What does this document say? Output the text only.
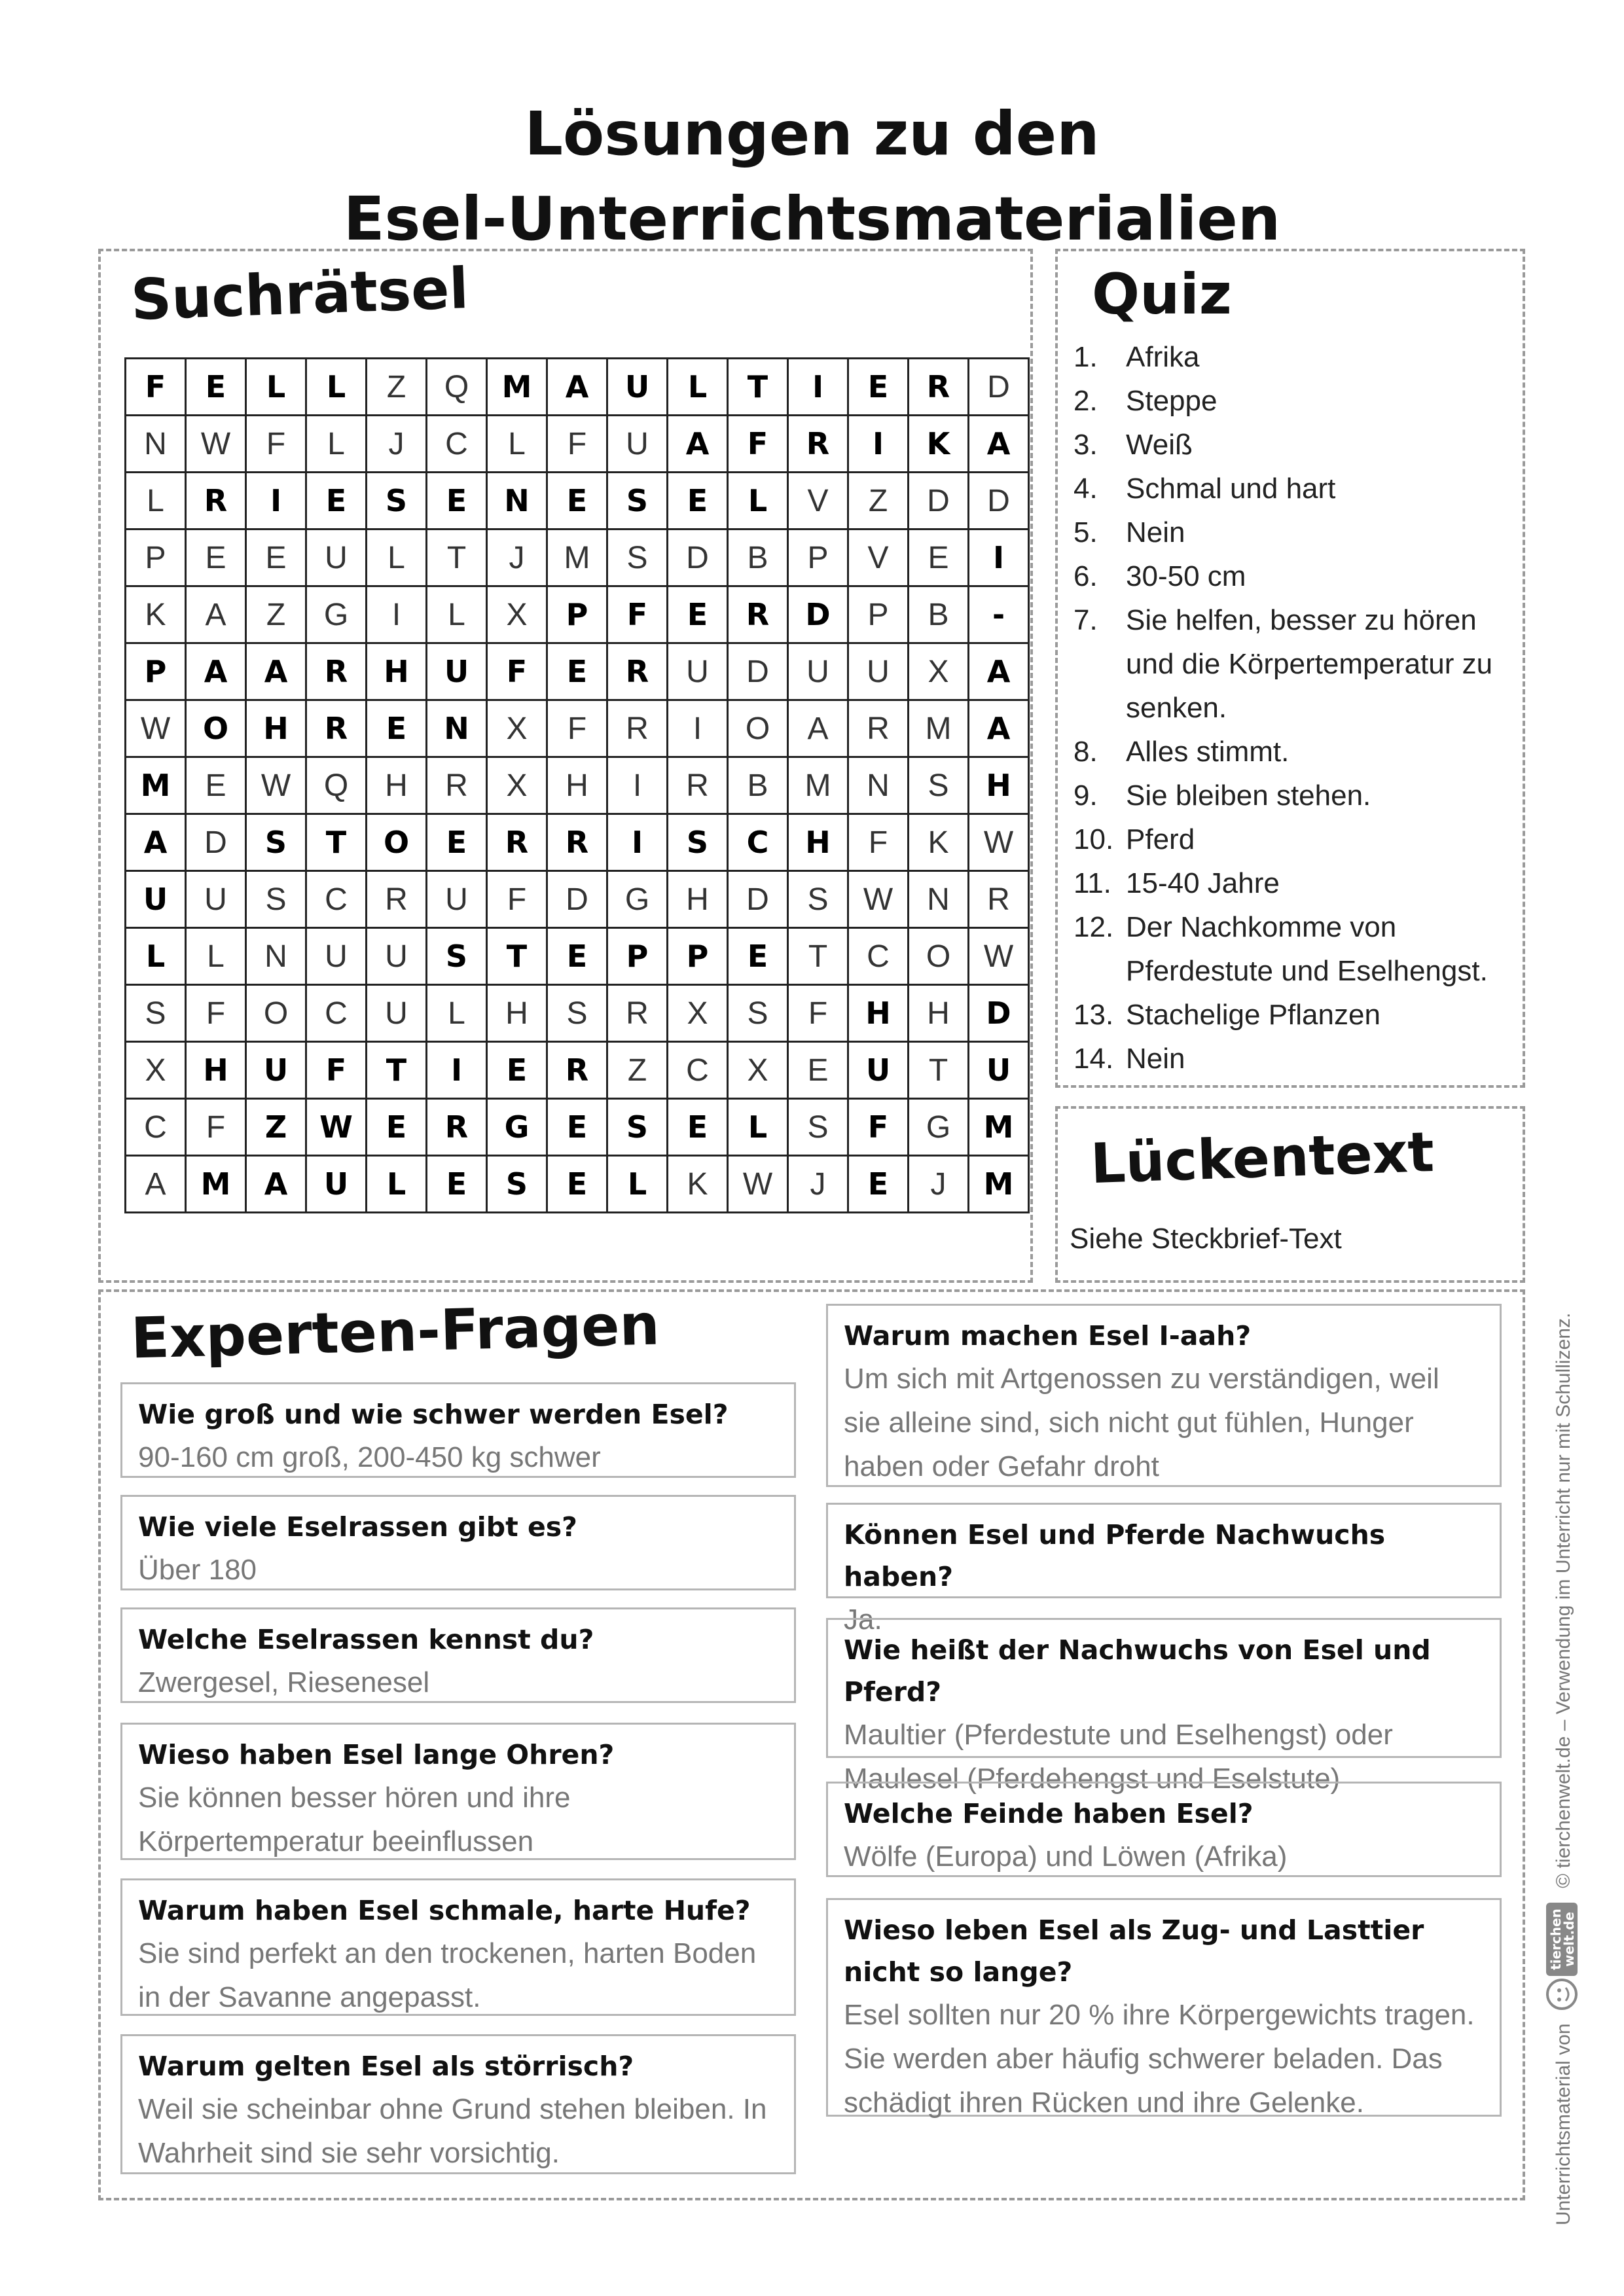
Lösungen zu den
Esel-Unterrichtsmaterialien
Suchrätsel
F	E	L	L	Z	Q	M	A	U	L	T	I	E	R	D
N	W	F	L	J	C	L	F	U	A	F	R	I	K	A
L	R	I	E	S	E	N	E	S	E	L	V	Z	D	D
P	E	E	U	L	T	J	M	S	D	B	P	V	E	I
K	A	Z	G	I	L	X	P	F	E	R	D	P	B	-
P	A	A	R	H	U	F	E	R	U	D	U	U	X	A
W	O	H	R	E	N	X	F	R	I	O	A	R	M	A
M	E	W	Q	H	R	X	H	I	R	B	M	N	S	H
A	D	S	T	O	E	R	R	I	S	C	H	F	K	W
U	U	S	C	R	U	F	D	G	H	D	S	W	N	R
L	L	N	U	U	S	T	E	P	P	E	T	C	O	W
S	F	O	C	U	L	H	S	R	X	S	F	H	H	D
X	H	U	F	T	I	E	R	Z	C	X	E	U	T	U
C	F	Z	W	E	R	G	E	S	E	L	S	F	G	M
A	M	A	U	L	E	S	E	L	K	W	J	E	J	M
Quiz
1. Afrika
2. Steppe
3. Weiß
4. Schmal und hart
5. Nein
6. 30-50 cm
7. Sie helfen, besser zu hören und die Körpertemperatur zu senken.
8. Alles stimmt.
9. Sie bleiben stehen.
10. Pferd
11. 15-40 Jahre
12. Der Nachkomme von Pferdestute und Eselhengst.
13. Stachelige Pflanzen
14. Nein
Lückentext
Siehe Steckbrief-Text
Experten-Fragen
Wie groß und wie schwer werden Esel?
90-160 cm groß, 200-450 kg schwer
Wie viele Eselrassen gibt es?
Über 180
Welche Eselrassen kennst du?
Zwergesel, Riesenesel
Wieso haben Esel lange Ohren?
Sie können besser hören und ihre Körpertemperatur beeinflussen
Warum haben Esel schmale, harte Hufe?
Sie sind perfekt an den trockenen, harten Boden in der Savanne angepasst.
Warum gelten Esel als störrisch?
Weil sie scheinbar ohne Grund stehen bleiben. In Wahrheit sind sie sehr vorsichtig.
Warum machen Esel I-aah?
Um sich mit Artgenossen zu verständigen, weil sie alleine sind, sich nicht gut fühlen, Hunger haben oder Gefahr droht
Können Esel und Pferde Nachwuchs haben?
Ja.
Wie heißt der Nachwuchs von Esel und Pferd?
Maultier (Pferdestute und Eselhengst) oder Maulesel (Pferdehengst und Eselstute)
Welche Feinde haben Esel?
Wölfe (Europa) und Löwen (Afrika)
Wieso leben Esel als Zug- und Lasttier nicht so lange?
Esel sollten nur 20 % ihre Körpergewichts tragen. Sie werden aber häufig schwerer beladen. Das schädigt ihren Rücken und ihre Gelenke.	Unterrichtsmaterial von
tierchen
welt.de
© tierchenwelt.de – Verwendung im Unterricht nur mit Schullizenz.
